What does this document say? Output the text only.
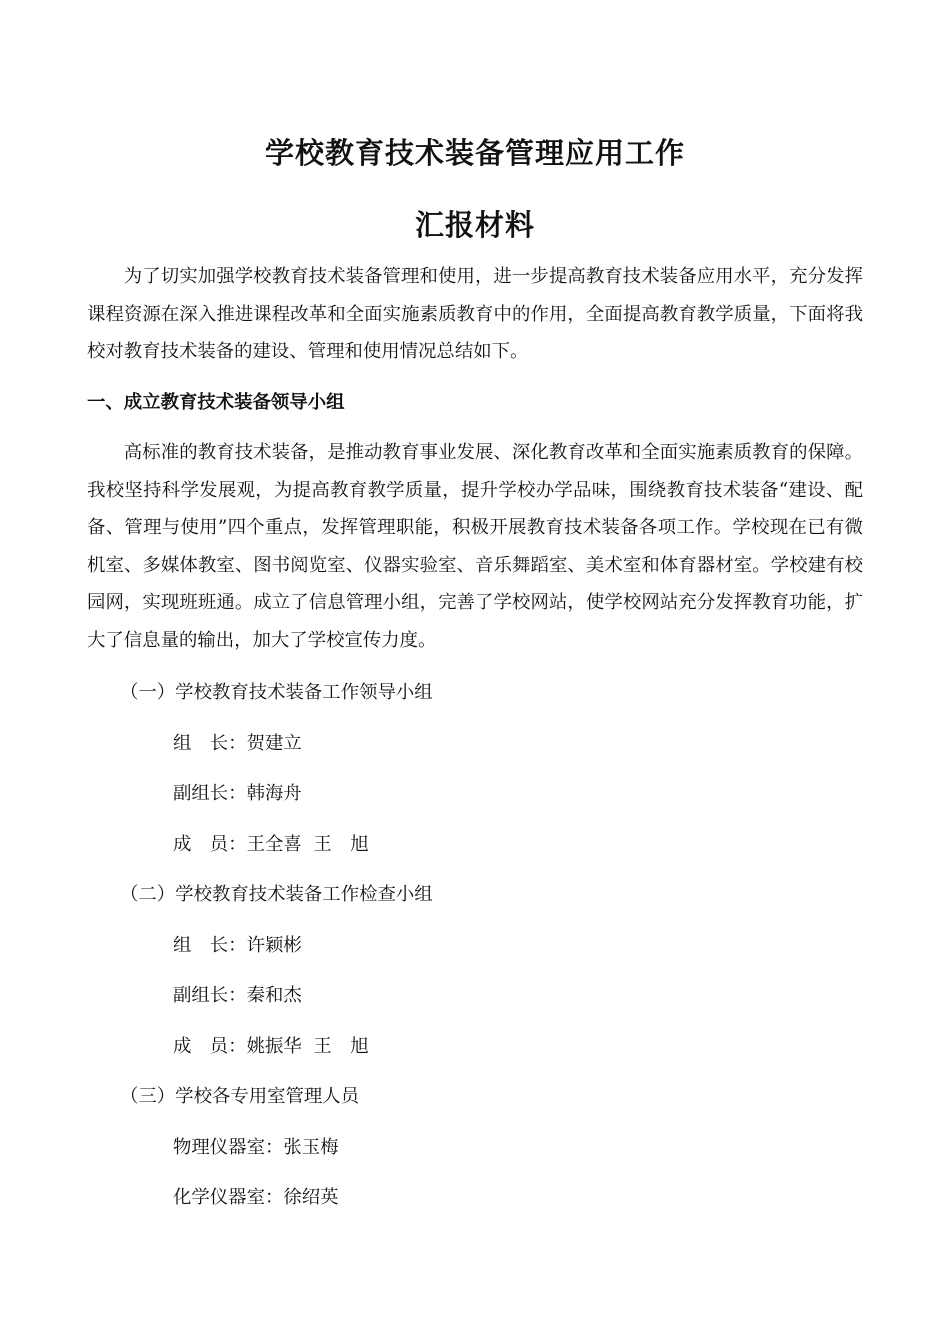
学校教育技术装备管理应用工作
汇报材料
为了切实加强学校教育技术装备管理和使用，进一步提高教育技术装备应用水平，充分发挥课程资源在深入推进课程改革和全面实施素质教育中的作用，全面提高教育教学质量，下面将我校对教育技术装备的建设、管理和使用情况总结如下。
一、成立教育技术装备领导小组
高标准的教育技术装备，是推动教育事业发展、深化教育改革和全面实施素质教育的保障。我校坚持科学发展观，为提高教育教学质量，提升学校办学品味，围绕教育技术装备“建设、配备、管理与使用”四个重点，发挥管理职能，积极开展教育技术装备各项工作。学校现在已有微机室、多媒体教室、图书阅览室、仪器实验室、音乐舞蹈室、美术室和体育器材室。学校建有校园网，实现班班通。成立了信息管理小组，完善了学校网站，使学校网站充分发挥教育功能，扩大了信息量的输出，加大了学校宣传力度。
（一）学校教育技术装备工作领导小组
组　长：贺建立
副组长：韩海舟
成　员：王全喜  王　旭
（二）学校教育技术装备工作检查小组
组　长：许颖彬
副组长：秦和杰
成　员：姚振华  王　旭
（三）学校各专用室管理人员
物理仪器室：张玉梅
化学仪器室：徐绍英
